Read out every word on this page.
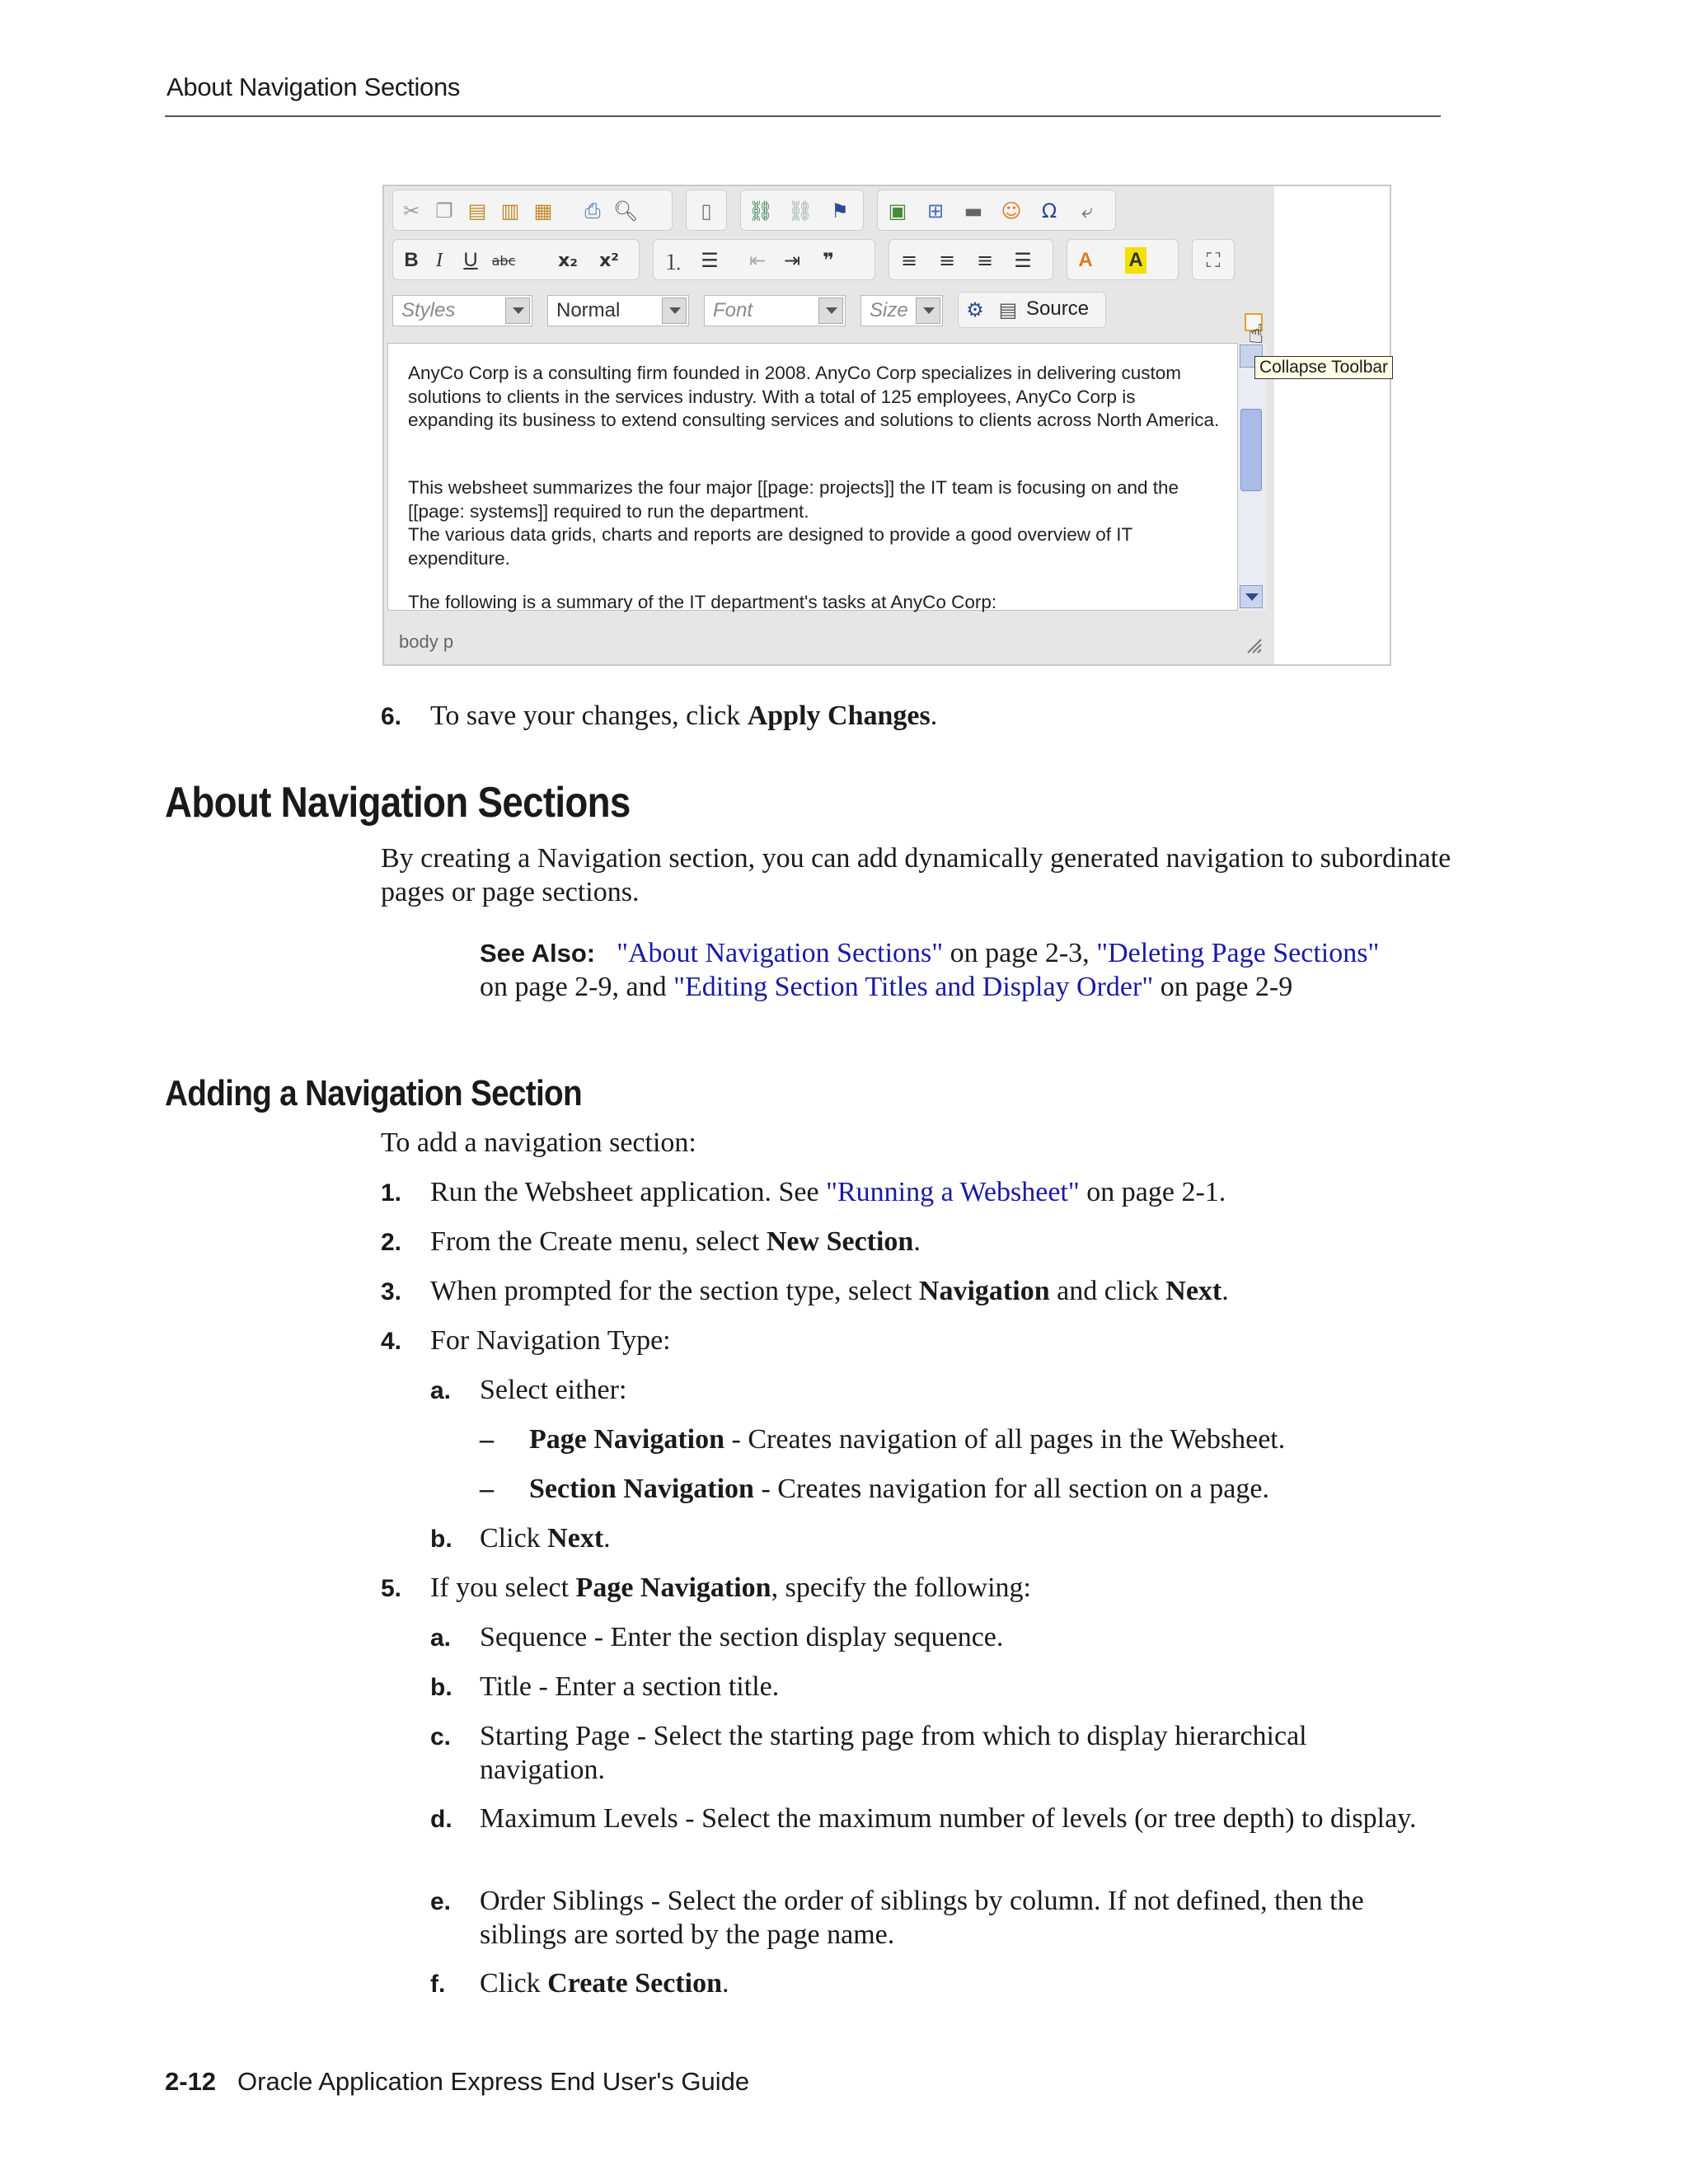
About Navigation Sections
✂ ❐ ▤ ▥ ▦ ⎙ 🔍︎	▯	⛓ ⛓ ⚑ ▣ ⊞ ▬ ☺ Ω	⤶
B I	U	abc x₂ x² ⒈ ☰ ⇤ ⇥	❞	≡ ≡ ≡ ☰	A	A	⛶
Styles	Normal	Font	Size	⚙ ▤ Source
AnyCo Corp is a consulting firm founded in 2008. AnyCo Corp specializes in delivering custom solutions to clients in the services industry. With a total of 125 employees, AnyCo Corp is expanding its business to extend consulting services and solutions to clients across North America.
This websheet summarizes the four major [[page: projects]] the IT team is focusing on and the [[page: systems]] required to run the department.
The various data grids, charts and reports are designed to provide a good overview of IT expenditure.
The following is a summary of the IT department's tasks at AnyCo Corp:
☝
Collapse Toolbar
body p
6. To save your changes, click Apply Changes.
About Navigation Sections
By creating a Navigation section, you can add dynamically generated navigation to subordinate pages or page sections.
See Also: "About Navigation Sections" on page 2-3, "Deleting Page Sections" on page 2-9, and "Editing Section Titles and Display Order" on page 2-9
Adding a Navigation Section
To add a navigation section:
1. Run the Websheet application. See "Running a Websheet" on page 2-1.
2. From the Create menu, select New Section.
3. When prompted for the section type, select Navigation and click Next.
4. For Navigation Type:
a. Select either:
– Page Navigation - Creates navigation of all pages in the Websheet.
– Section Navigation - Creates navigation for all section on a page.
b. Click Next.
5. If you select Page Navigation, specify the following:
a. Sequence - Enter the section display sequence.
b. Title - Enter a section title.
c. Starting Page - Select the starting page from which to display hierarchical navigation.
d. Maximum Levels - Select the maximum number of levels (or tree depth) to display.
e. Order Siblings - Select the order of siblings by column. If not defined, then the siblings are sorted by the page name.
f. Click Create Section.
2-12 Oracle Application Express End User's Guide
